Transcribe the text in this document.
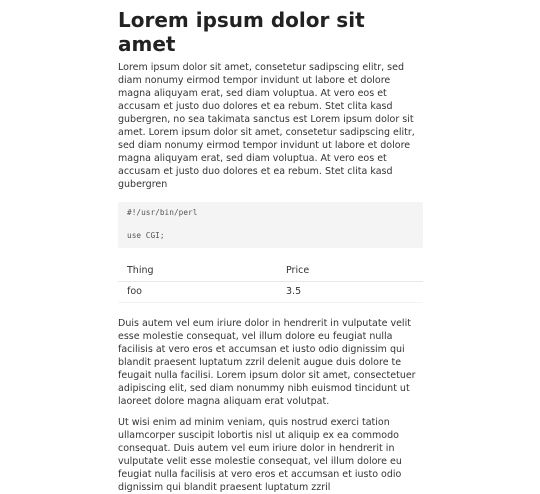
Lorem ipsum dolor sit amet

Lorem ipsum dolor sit amet, consetetur sadipscing elitr, sed diam nonumy eirmod tempor invidunt ut labore et dolore magna aliquyam erat, sed diam voluptua. At vero eos et accusam et justo duo dolores et ea rebum. Stet clita kasd gubergren, no sea takimata sanctus est Lorem ipsum dolor sit amet. Lorem ipsum dolor sit amet, consetetur sadipscing elitr, sed diam nonumy eirmod tempor invidunt ut labore et dolore magna aliquyam erat, sed diam voluptua. At vero eos et accusam et justo duo dolores et ea rebum. Stet clita kasd gubergren

#!/usr/bin/perl

use CGI;
Thing	Price
foo	3.5

Duis autem vel eum iriure dolor in hendrerit in vulputate velit esse molestie consequat, vel illum dolore eu feugiat nulla facilisis at vero eros et accumsan et iusto odio dignissim qui blandit praesent luptatum zzril delenit augue duis dolore te feugait nulla facilisi. Lorem ipsum dolor sit amet, consectetuer adipiscing elit, sed diam nonummy nibh euismod tincidunt ut laoreet dolore magna aliquam erat volutpat.

Ut wisi enim ad minim veniam, quis nostrud exerci tation ullamcorper suscipit lobortis nisl ut aliquip ex ea commodo consequat. Duis autem vel eum iriure dolor in hendrerit in vulputate velit esse molestie consequat, vel illum dolore eu feugiat nulla facilisis at vero eros et accumsan et iusto odio dignissim qui blandit praesent luptatum zzril
